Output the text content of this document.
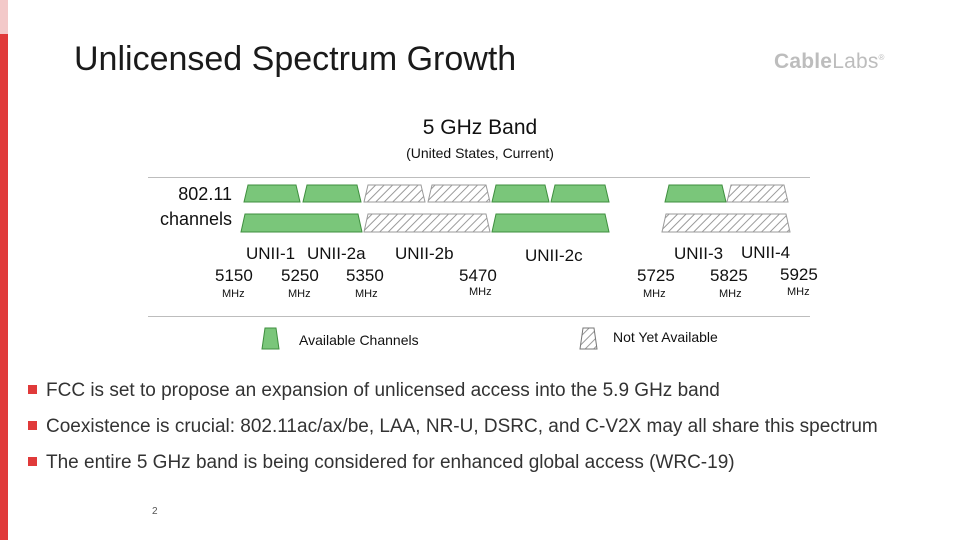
Unlicensed Spectrum Growth	CableLabs®
5 GHz Band
(United States, Current)
802.11 channels
UNII-1 UNII-2a UNII-2b	UNII-2c	UNII-3 UNII-4
5150 5250 5350	5470	5725 5825 5925
MHz	MHz	MHz	MHz	MHz	MHz	MHz
Available Channels	Not Yet Available
FCC is set to propose an expansion of unlicensed access into the 5.9 GHz band
Coexistence is crucial: 802.11ac/ax/be, LAA, NR-U, DSRC, and C-V2X may all share this spectrum
The entire 5 GHz band is being considered for enhanced global access (WRC-19)
2
